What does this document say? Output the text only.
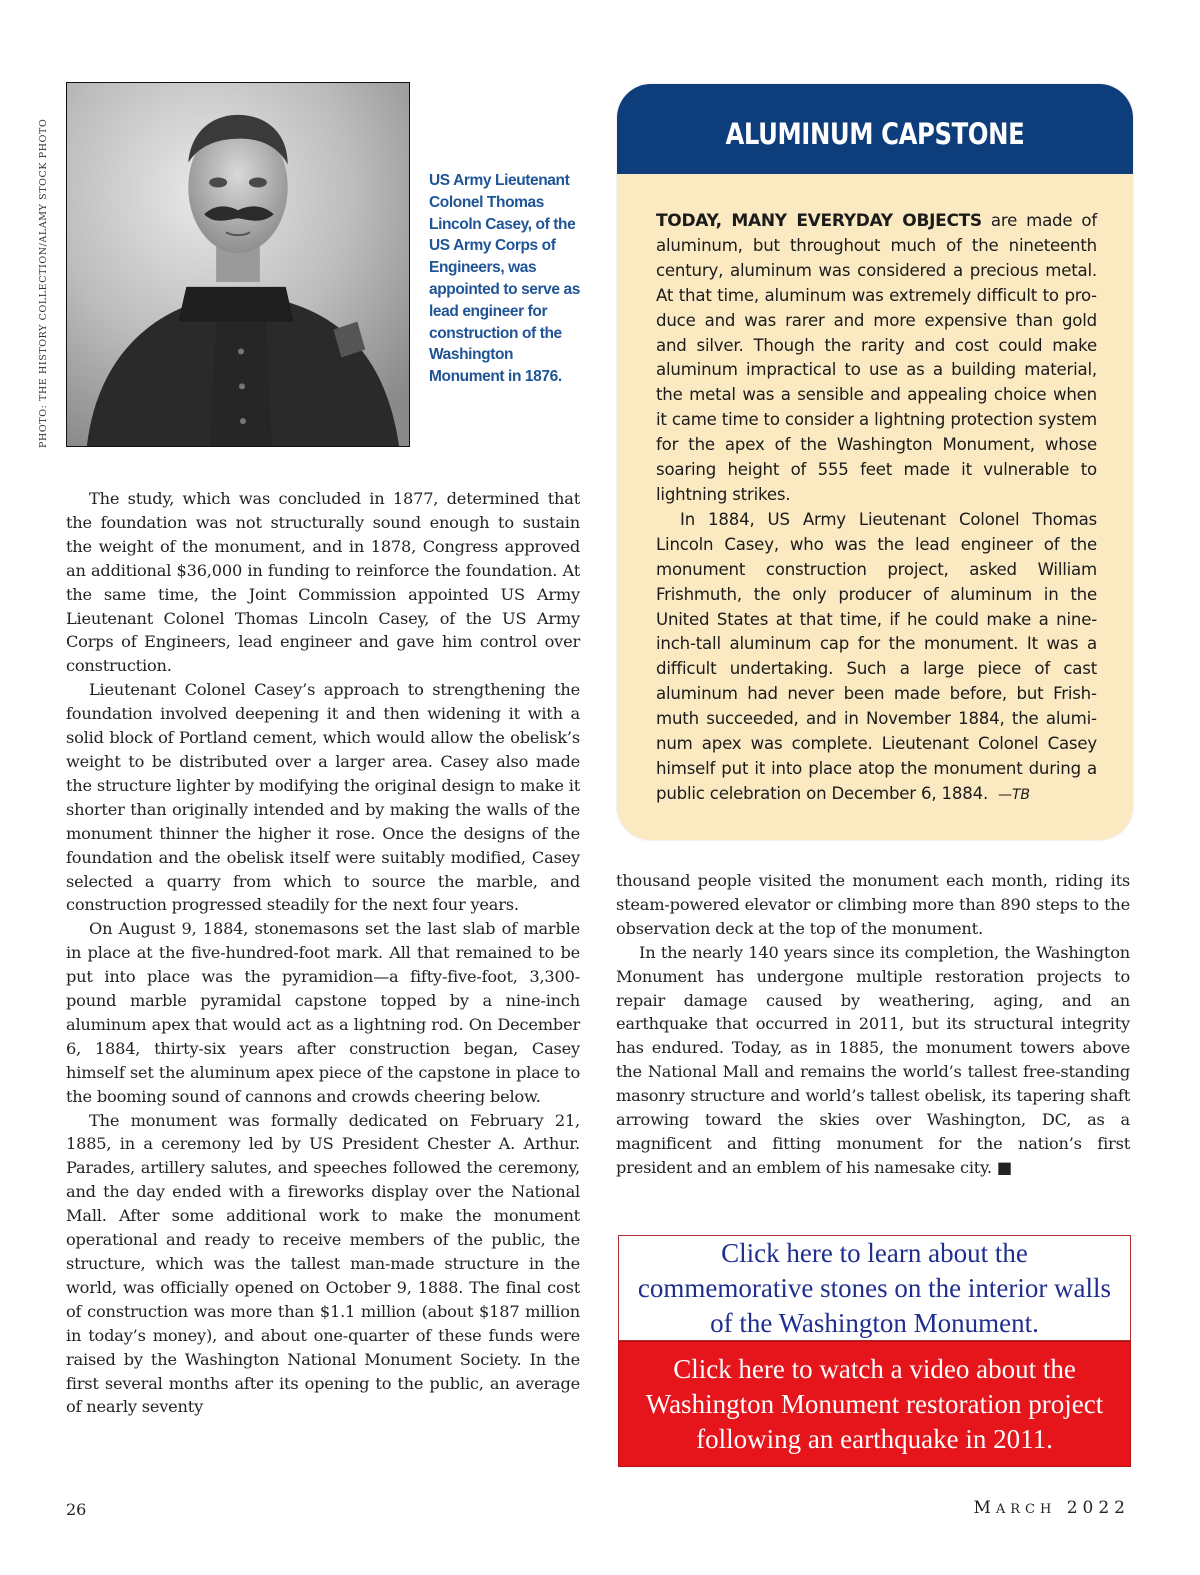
PHOTO: THE HISTORY COLLECTION/ALAMY STOCK PHOTO	U.S.
US Army Lieutenant Colonel Thomas Lincoln Casey, of the US Army Corps of Engineers, was appointed to serve as lead engineer for construction of the Washington Monument in 1876.

The study, which was concluded in 1877, determined that the foundation was not structurally sound enough to sustain the weight of the monument, and in 1878, Congress approved an additional $36,000 in funding to reinforce the foundation. At the same time, the Joint Commission appointed US Army Lieutenant Colonel Thomas Lincoln Casey, of the US Army Corps of Engineers, lead engineer and gave him control over construction.

Lieutenant Colonel Casey’s approach to strengthening the foundation involved deepening it and then widening it with a solid block of Portland cement, which would allow the obelisk’s weight to be distributed over a larger area. Casey also made the structure lighter by modifying the original design to make it shorter than originally intended and by making the walls of the monument thinner the higher it rose. Once the designs of the foundation and the obelisk itself were suitably modified, Casey selected a quarry from which to source the marble, and construction progressed steadily for the next four years.

On August 9, 1884, stonemasons set the last slab of marble in place at the five-hundred-foot mark. All that remained to be put into place was the pyramidion—a fifty-five-foot, 3,300-pound marble pyramidal capstone topped by a nine-inch aluminum apex that would act as a lightning rod. On December 6, 1884, thirty-six years after construction began, Casey himself set the aluminum apex piece of the capstone in place to the booming sound of cannons and crowds cheering below.

The monument was formally dedicated on February 21, 1885, in a ceremony led by US President Chester A. Arthur. Parades, artillery salutes, and speeches followed the ceremony, and the day ended with a fireworks display over the National Mall. After some additional work to make the monument operational and ready to receive members of the public, the structure, which was the tallest man-made structure in the world, was officially opened on October 9, 1888. The final cost of construction was more than $1.1 million (about $187 million in today’s money), and about one-quarter of these funds were raised by the Washington National Monument Society. In the first several months after its opening to the public, an average of nearly seventy

ALUMINUM CAPSTONE

TODAY, MANY EVERYDAY OBJECTS are made of aluminum, but throughout much of the nineteenth century, aluminum was considered a precious metal. At that time, aluminum was extremely difficult to produce and was rarer and more expensive than gold and silver. Though the rarity and cost could make aluminum impractical to use as a building material, the metal was a sensible and appealing choice when it came time to consider a lightning protection system for the apex of the Washington Monument, whose soaring height of 555 feet made it vulnerable to lightning strikes.

In 1884, US Army Lieutenant Colonel Thomas Lincoln Casey, who was the lead engineer of the monument construction project, asked William Frishmuth, the only producer of aluminum in the United States at that time, if he could make a nine-inch-tall aluminum cap for the monument. It was a difficult undertaking. Such a large piece of cast aluminum had never been made before, but Frishmuth succeeded, and in November 1884, the aluminum apex was complete. Lieutenant Colonel Casey himself put it into place atop the monument during a public celebration on December 6, 1884. —TB

thousand people visited the monument each month, riding its steam-powered elevator or climbing more than 890 steps to the observation deck at the top of the monument.

In the nearly 140 years since its completion, the Washington Monument has undergone multiple restoration projects to repair damage caused by weathering, aging, and an earthquake that occurred in 2011, but its structural integrity has endured. Today, as in 1885, the monument towers above the National Mall and remains the world’s tallest free-standing masonry structure and world’s tallest obelisk, its tapering shaft arrowing toward the skies over Washington, DC, as a magnificent and fitting monument for the nation’s first president and an emblem of his namesake city. ■

Click here to learn about the commemorative stones on the interior walls of the Washington Monument.
Click here to watch a video about the Washington Monument restoration project following an earthquake in 2011.
26	MARCH 2022
